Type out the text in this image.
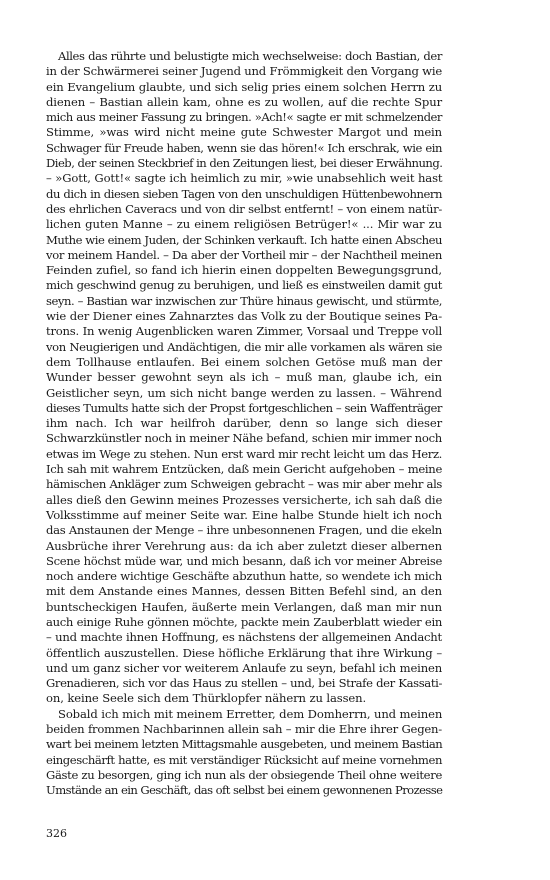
Alles das rührte und belustigte mich wechselweise: doch Bastian, der
in der Schwärmerei seiner Jugend und Frömmigkeit den Vorgang wie
ein Evangelium glaubte, und sich selig pries einem solchen Herrn zu
dienen – Bastian allein kam, ohne es zu wollen, auf die rechte Spur
mich aus meiner Fassung zu bringen. »Ach!« sagte er mit schmelzender
Stimme, »was wird nicht meine gute Schwester Margot und mein
Schwager für Freude haben, wenn sie das hören!« Ich erschrak, wie ein
Dieb, der seinen Steckbrief in den Zeitungen liest, bei dieser Erwähnung.
– »Gott, Gott!« sagte ich heimlich zu mir, »wie unabsehlich weit hast
du dich in diesen sieben Tagen von den unschuldigen Hüttenbewohnern
des ehrlichen Caveracs und von dir selbst entfernt! – von einem natür-
lichen guten Manne – zu einem religiösen Betrüger!« ... Mir war zu
Muthe wie einem Juden, der Schinken verkauft. Ich hatte einen Abscheu
vor meinem Handel. – Da aber der Vortheil mir – der Nachtheil meinen
Feinden zufiel, so fand ich hierin einen doppelten Bewegungsgrund,
mich geschwind genug zu beruhigen, und ließ es einstweilen damit gut
seyn. – Bastian war inzwischen zur Thüre hinaus gewischt, und stürmte,
wie der Diener eines Zahnarztes das Volk zu der Boutique seines Pa-
trons. In wenig Augenblicken waren Zimmer, Vorsaal und Treppe voll
von Neugierigen und Andächtigen, die mir alle vorkamen als wären sie
dem Tollhause entlaufen. Bei einem solchen Getöse muß man der
Wunder besser gewohnt seyn als ich – muß man, glaube ich, ein
Geistlicher seyn, um sich nicht bange werden zu lassen. – Während
dieses Tumults hatte sich der Propst fortgeschlichen – sein Waffenträger
ihm nach. Ich war heilfroh darüber, denn so lange sich dieser
Schwarzkünstler noch in meiner Nähe befand, schien mir immer noch
etwas im Wege zu stehen. Nun erst ward mir recht leicht um das Herz.
Ich sah mit wahrem Entzücken, daß mein Gericht aufgehoben – meine
hämischen Ankläger zum Schweigen gebracht – was mir aber mehr als
alles dieß den Gewinn meines Prozesses versicherte, ich sah daß die
Volksstimme auf meiner Seite war. Eine halbe Stunde hielt ich noch
das Anstaunen der Menge – ihre unbesonnenen Fragen, und die ekeln
Ausbrüche ihrer Verehrung aus: da ich aber zuletzt dieser albernen
Scene höchst müde war, und mich besann, daß ich vor meiner Abreise
noch andere wichtige Geschäfte abzuthun hatte, so wendete ich mich
mit dem Anstande eines Mannes, dessen Bitten Befehl sind, an den
buntscheckigen Haufen, äußerte mein Verlangen, daß man mir nun
auch einige Ruhe gönnen möchte, packte mein Zauberblatt wieder ein
– und machte ihnen Hoffnung, es nächstens der allgemeinen Andacht
öffentlich auszustellen. Diese höfliche Erklärung that ihre Wirkung –
und um ganz sicher vor weiterem Anlaufe zu seyn, befahl ich meinen
Grenadieren, sich vor das Haus zu stellen – und, bei Strafe der Kassati-
on, keine Seele sich dem Thürklopfer nähern zu lassen.
Sobald ich mich mit meinem Erretter, dem Domherrn, und meinen
beiden frommen Nachbarinnen allein sah – mir die Ehre ihrer Gegen-
wart bei meinem letzten Mittagsmahle ausgebeten, und meinem Bastian
eingeschärft hatte, es mit verständiger Rücksicht auf meine vornehmen
Gäste zu besorgen, ging ich nun als der obsiegende Theil ohne weitere
Umstände an ein Geschäft, das oft selbst bei einem gewonnenen Prozesse
326
